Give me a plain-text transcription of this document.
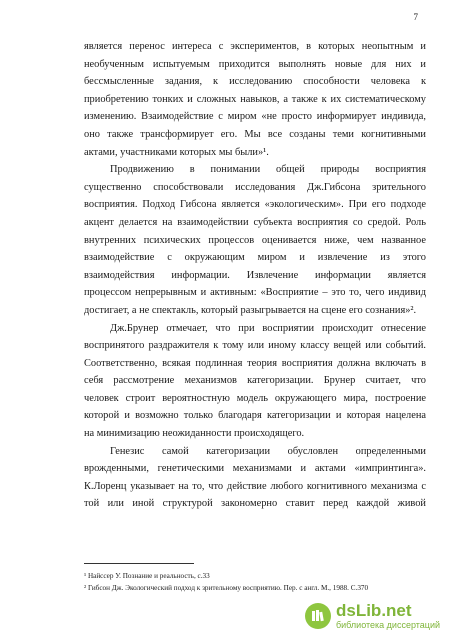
7
является перенос интереса с экспериментов, в которых неопытным и
необученным испытуемым приходится выполнять новые для них и
бессмысленные задания, к исследованию способности человека к
приобретению тонких и сложных навыков, а также к их систематическому
изменению. Взаимодействие с миром «не просто информирует индивида,
оно также трансформирует его. Мы все созданы теми когнитивными
актами, участниками которых мы были»¹.
Продвижению в понимании общей природы восприятия
существенно способствовали исследования Дж.Гибсона зрительного
восприятия. Подход Гибсона является «экологическим». При его подходе
акцент делается на взаимодействии субъекта восприятия со средой. Роль
внутренних психических процессов оценивается ниже, чем названное
взаимодействие с окружающим миром и извлечение из этого
взаимодействия информации. Извлечение информации является
процессом непрерывным и активным: «Восприятие – это то, чего индивид
достигает, а не спектакль, который разыгрывается на сцене его сознания»².
Дж.Брунер отмечает, что при восприятии происходит отнесение
воспринятого раздражителя к тому или иному классу вещей или событий.
Соответственно, всякая подлинная теория восприятия должна включать в
себя рассмотрение механизмов категоризации. Брунер считает, что
человек строит вероятностную модель окружающего мира, построение
которой и возможно только благодаря категоризации и которая нацелена
на минимизацию неожиданности происходящего.
Генезис самой категоризации обусловлен определенными
врожденными, генетическими механизмами и актами «импринтинга».
К.Лоренц указывает на то, что действие любого когнитивного механизма с
той или иной структурой закономерно ставит перед каждой живой
¹ Найссер У. Познание и реальность, с.33
² Гибсон Дж. Экологический подход к зрительному восприятию. Пер. с англ. М., 1988. С.370
dsLib.net
библиотека диссертаций
